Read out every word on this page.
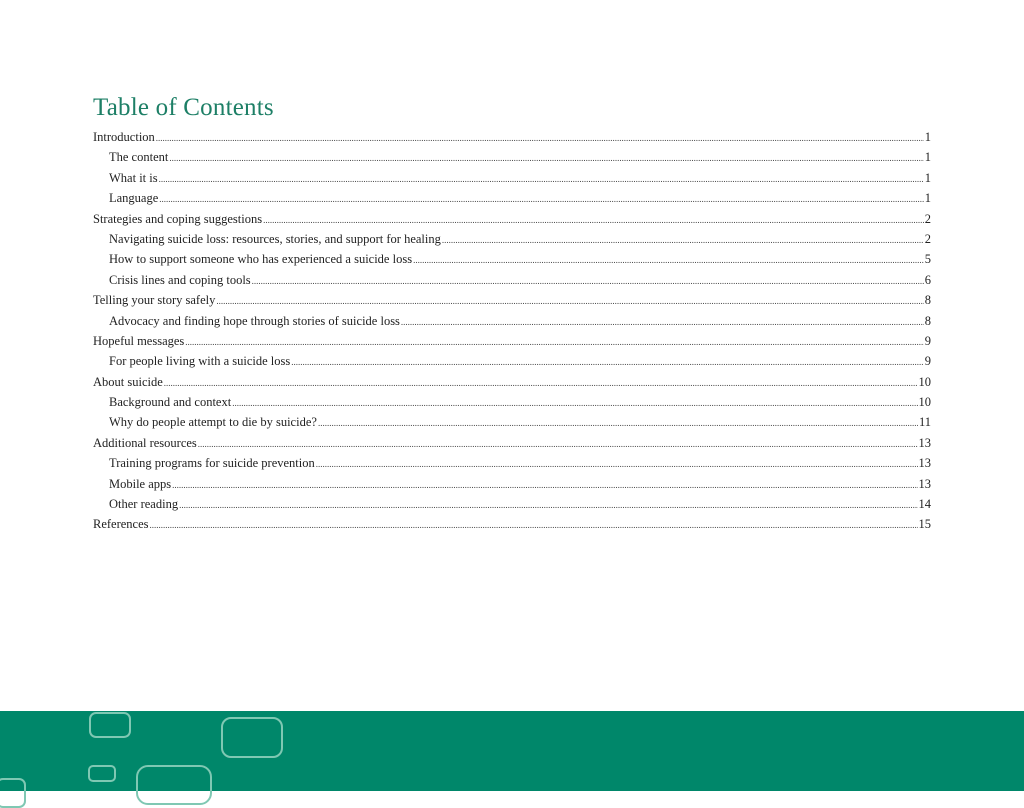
Table of Contents
Introduction .....	1
The content .....	1
What it is .....	1
Language .....	1
Strategies and coping suggestions .....	2
Navigating suicide loss: resources, stories, and support for healing .....	2
How to support someone who has experienced a suicide loss .....	5
Crisis lines and coping tools .....	6
Telling your story safely .....	8
Advocacy and finding hope through stories of suicide loss .....	8
Hopeful messages .....	9
For people living with a suicide loss .....	9
About suicide .....	10
Background and context .....	10
Why do people attempt to die by suicide? .....	11
Additional resources .....	13
Training programs for suicide prevention .....	13
Mobile apps .....	13
Other reading .....	14
References .....	15
